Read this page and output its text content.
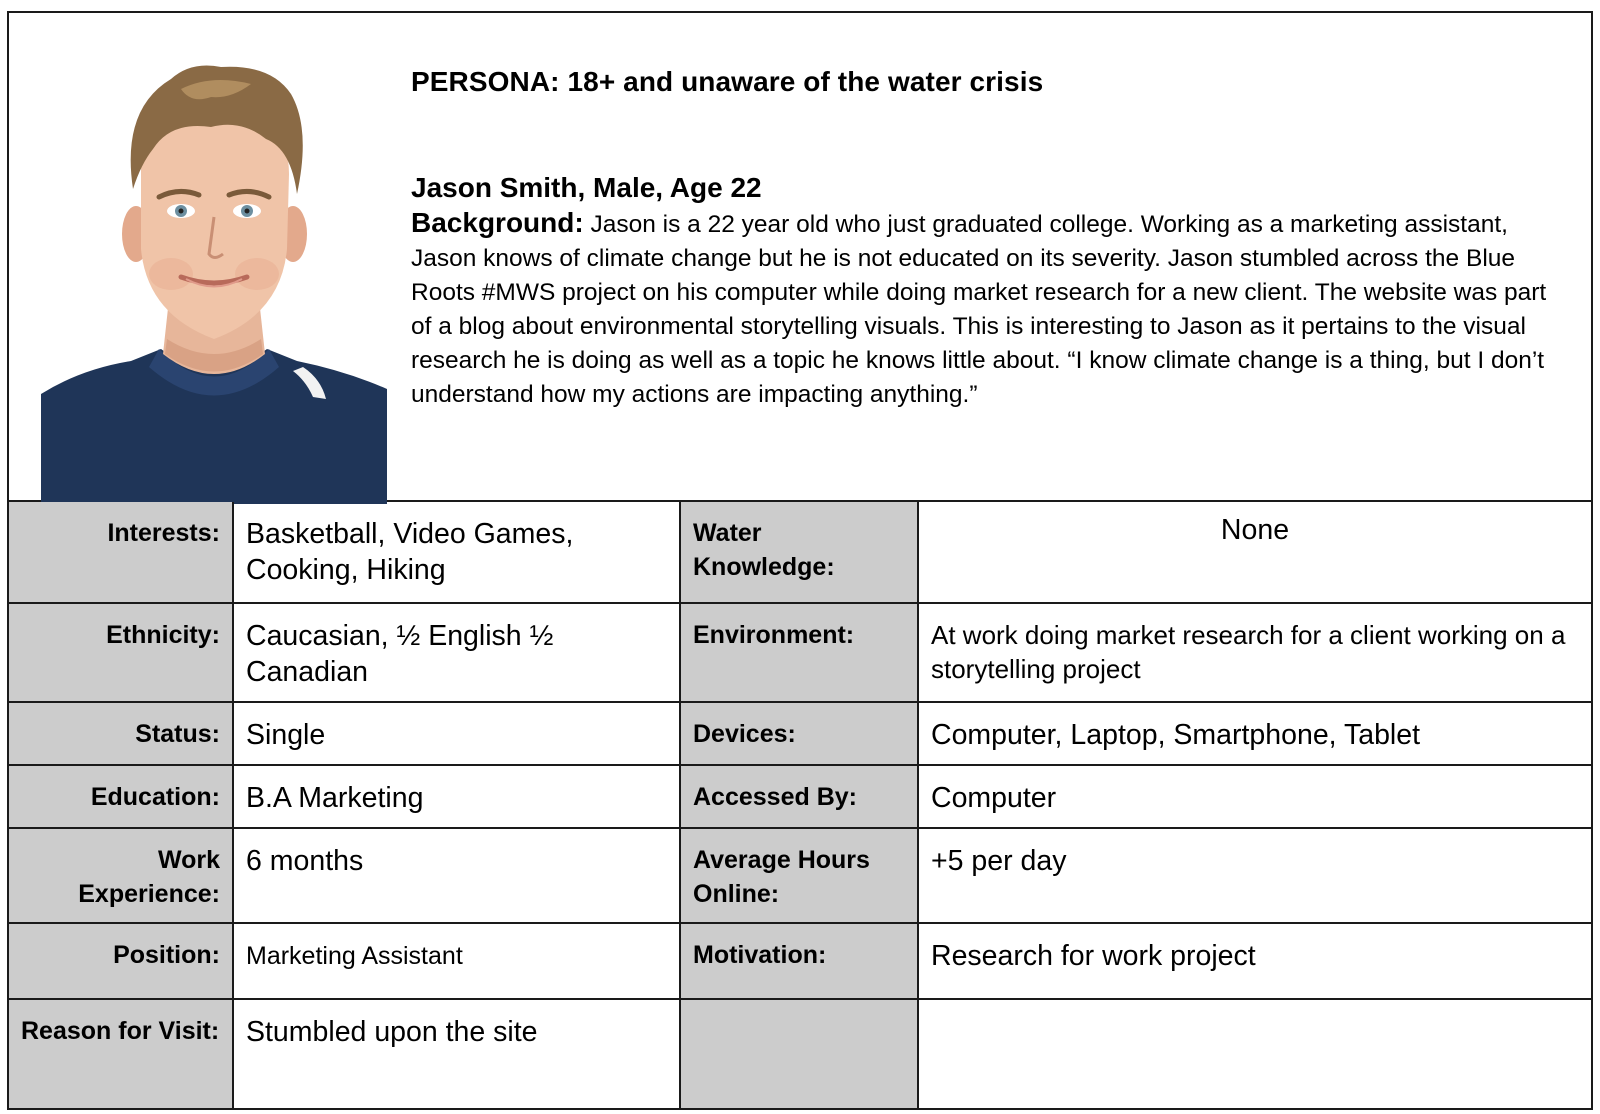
PERSONA: 18+ and unaware of the water crisis
Jason Smith, Male, Age 22
Background: Jason is a 22 year old who just graduated college. Working as a marketing assistant, Jason knows of climate change but he is not educated on its severity. Jason stumbled across the Blue Roots #MWS project on his computer while doing market research for a new client. The website was part of a blog about environmental storytelling visuals. This is interesting to Jason as it pertains to the visual research he is doing as well as a topic he knows little about. “I know climate change is a thing, but I don’t understand how my actions are impacting anything.”
Interests:	Basketball, Video Games, Cooking, Hiking	Water Knowledge:	None
Ethnicity:	Caucasian, ½ English ½ Canadian	Environment:	At work doing market research for a client working on a storytelling project
Status:	Single	Devices:	Computer, Laptop, Smartphone, Tablet
Education:	B.A Marketing	Accessed By:	Computer
Work Experience:	6 months	Average Hours Online:	+5 per day
Position:	Marketing Assistant	Motivation:	Research for work project
Reason for Visit:	Stumbled upon the site		
